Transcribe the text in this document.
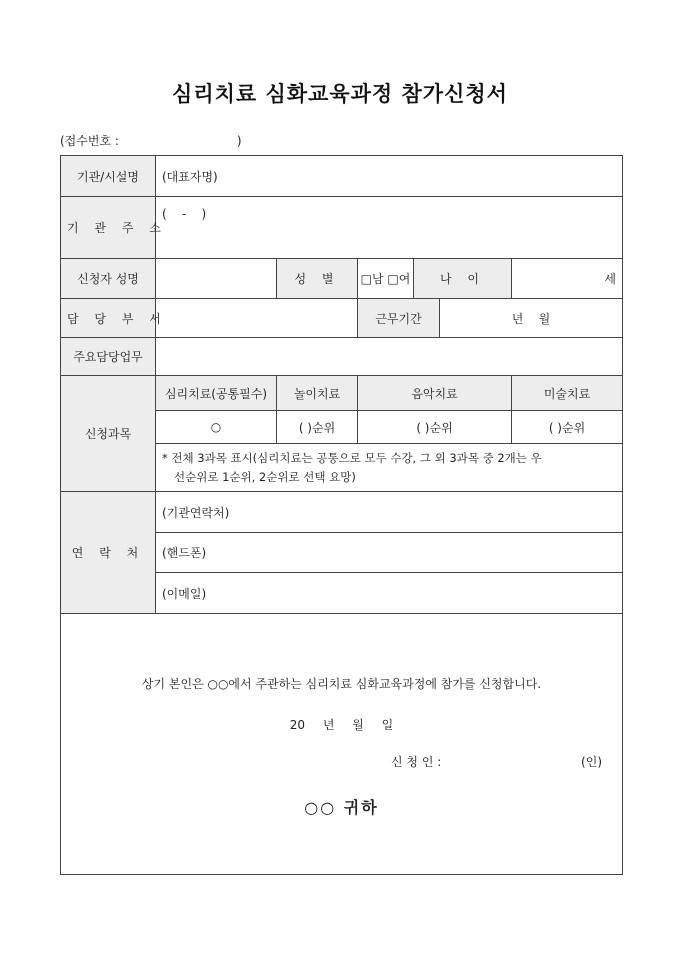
심리치료 심화교육과정 참가신청서
(접수번호 :	)
기관/시설명	(대표자명)					
기 관 주 소	(    -    )					
신청자 성명		성 별	□남 □여	나 이		세
담 당 부 서			근무기간		년    월	
주요담당업무						
신청과목	심리치료(공통필수)	놀이치료	음악치료			미술치료
	○	( )순위	( )순위			( )순위

	* 전체 3과목 표시(심리치료는 공통으로 모두 수강, 그 외 3과목 중 2개는 우
선순위로 1순위, 2순위로 선택 요망)					

연 락 처	(기관연락처)					
	(핸드폰)					
	(이메일)					

상기 본인은 ○○에서 주관하는 심리치료 심화교육과정에 참가를 신청합니다.
20 년 월 일
신 청 인 : (인)
○○ 귀하						
